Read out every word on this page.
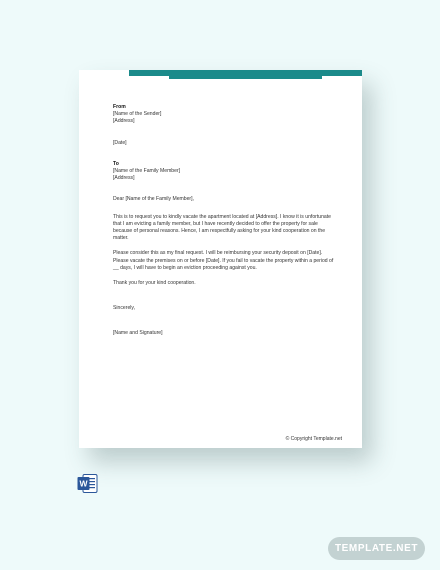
From
[Name of the Sender]
[Address]
[Date]
To
[Name of the Family Member]
[Address]
Dear [Name of the Family Member],
This is to request you to kindly vacate the apartment located at [Address]. I know it is unfortunate that I am evicting a family member, but I have recently decided to offer the property for sale because of personal reasons. Hence, I am respectfully asking for your kind cooperation on the matter.
Please consider this as my final request. I will be reimbursing your security deposit on [Date]. Please vacate the premises on or before [Date]. If you fail to vacate the property within a period of __ days, I will have to begin an eviction proceeding against you.
Thank you for your kind cooperation.
Sincerely,
[Name and Signature]
© Copyright Template.net
W
TEMPLATE.NET
